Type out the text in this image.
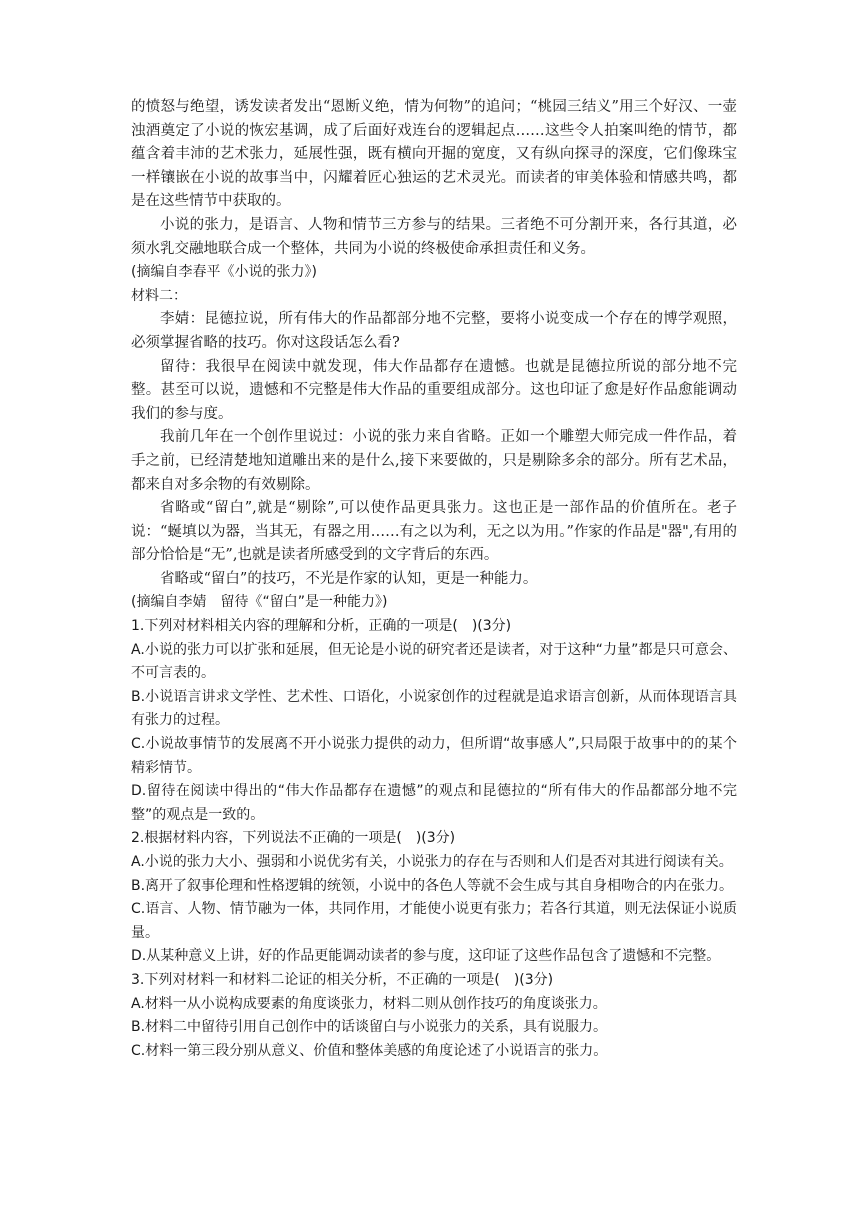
的愤怒与绝望，诱发读者发出“恩断义绝，情为何物”的追问；“桃园三结义”用三个好汉、一壶浊酒奠定了小说的恢宏基调，成了后面好戏连台的逻辑起点……这些令人拍案叫绝的情节，都蕴含着丰沛的艺术张力，延展性强，既有横向开掘的宽度，又有纵向探寻的深度，它们像珠宝一样镶嵌在小说的故事当中，闪耀着匠心独运的艺术灵光。而读者的审美体验和情感共鸣，都是在这些情节中获取的。

小说的张力，是语言、人物和情节三方参与的结果。三者绝不可分割开来，各行其道，必须水乳交融地联合成一个整体，共同为小说的终极使命承担责任和义务。

(摘编自李春平《小说的张力》)

材料二：

李婧：昆德拉说，所有伟大的作品都部分地不完整，要将小说变成一个存在的博学观照，必须掌握省略的技巧。你对这段话怎么看?

留待：我很早在阅读中就发现，伟大作品都存在遗憾。也就是昆德拉所说的部分地不完整。甚至可以说，遗憾和不完整是伟大作品的重要组成部分。这也印证了愈是好作品愈能调动我们的参与度。

我前几年在一个创作里说过：小说的张力来自省略。正如一个雕塑大师完成一件作品，着手之前，已经清楚地知道雕出来的是什么,接下来要做的，只是剔除多余的部分。所有艺术品，都来自对多余物的有效剔除。

省略或“留白”,就是“剔除”,可以使作品更具张力。这也正是一部作品的价值所在。老子说：“蜒填以为器，当其无，有器之用……有之以为利，无之以为用。”作家的作品是"器",有用的部分恰恰是“无”,也就是读者所感受到的文字背后的东西。

省略或“留白”的技巧，不光是作家的认知，更是一种能力。

(摘编自李婧　留待《“留白”是一种能力》)

1.下列对材料相关内容的理解和分析，正确的一项是(　)(3分)

A.小说的张力可以扩张和延展，但无论是小说的研究者还是读者，对于这种“力量”都是只可意会、不可言表的。

B.小说语言讲求文学性、艺术性、口语化，小说家创作的过程就是追求语言创新，从而体现语言具有张力的过程。

C.小说故事情节的发展离不开小说张力提供的动力，但所谓“故事感人”,只局限于故事中的的某个精彩情节。

D.留待在阅读中得出的“伟大作品都存在遗憾”的观点和昆德拉的“所有伟大的作品都部分地不完整”的观点是一致的。

2.根据材料内容，下列说法不正确的一项是(　)(3分)

A.小说的张力大小、强弱和小说优劣有关，小说张力的存在与否则和人们是否对其进行阅读有关。

B.离开了叙事伦理和性格逻辑的统领，小说中的各色人等就不会生成与其自身相吻合的内在张力。

C.语言、人物、情节融为一体，共同作用，才能使小说更有张力；若各行其道，则无法保证小说质量。

D.从某种意义上讲，好的作品更能调动读者的参与度，这印证了这些作品包含了遗憾和不完整。

3.下列对材料一和材料二论证的相关分析，不正确的一项是(　)(3分)

A.材料一从小说构成要素的角度谈张力，材料二则从创作技巧的角度谈张力。

B.材料二中留待引用自己创作中的话谈留白与小说张力的关系，具有说服力。

C.材料一第三段分别从意义、价值和整体美感的角度论述了小说语言的张力。
